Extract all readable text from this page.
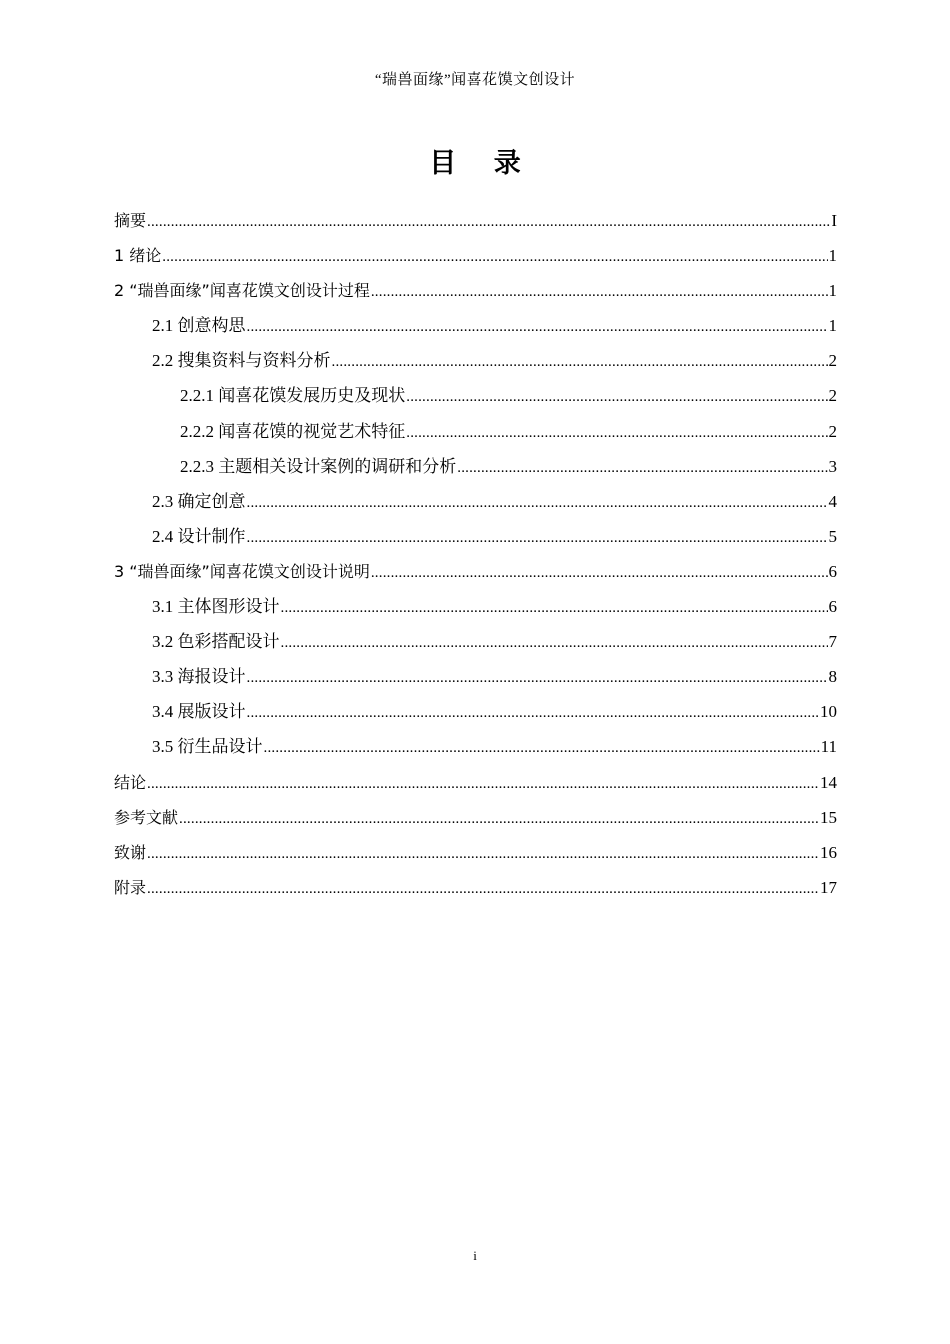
“瑞兽面缘”闻喜花馍文创设计
目 录
摘要 .....	I
1 绪论 .....	1
2 “瑞兽面缘”闻喜花馍文创设计过程 .....	1
2.1 创意构思 .....	1
2.2 搜集资料与资料分析 .....	2
2.2.1 闻喜花馍发展历史及现状 .....	2
2.2.2 闻喜花馍的视觉艺术特征 .....	2
2.2.3 主题相关设计案例的调研和分析 .....	3
2.3 确定创意 .....	4
2.4 设计制作 .....	5
3 “瑞兽面缘”闻喜花馍文创设计说明 .....	6
3.1 主体图形设计 .....	6
3.2 色彩搭配设计 .....	7
3.3 海报设计 .....	8
3.4 展版设计 .....	10
3.5 衍生品设计 .....	11
结论 .....	14
参考文献 .....	15
致谢 .....	16
附录 .....	17
i
